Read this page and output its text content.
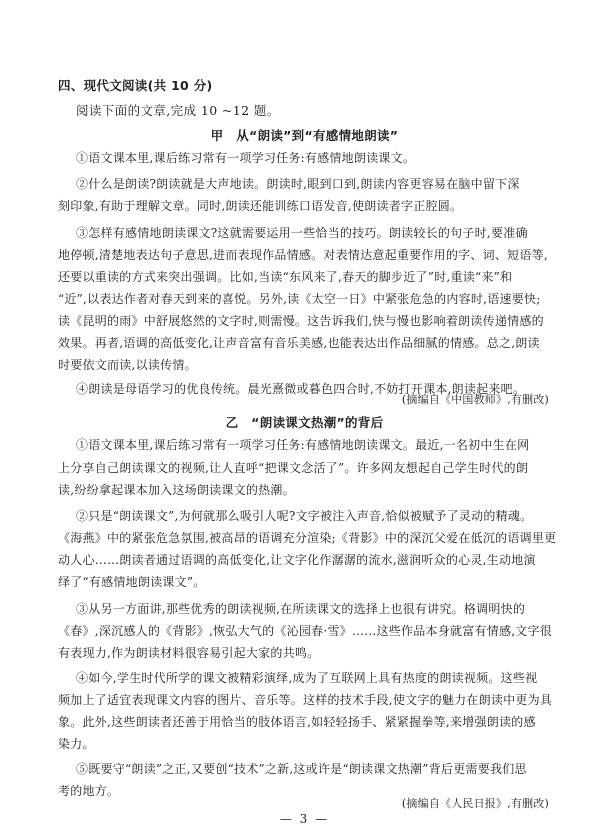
四、现代文阅读(共 10 分)
阅读下面的文章,完成 10 ~12 题。
甲　从“朗读”到“有感情地朗读”
①语文课本里,课后练习常有一项学习任务:有感情地朗读课文。
②什么是朗读?朗读就是大声地读。朗读时,眼到口到,朗读内容更容易在脑中留下深
刻印象,有助于理解文章。同时,朗读还能训练口语发音,使朗读者字正腔圆。
③怎样有感情地朗读课文?这就需要运用一些恰当的技巧。朗读较长的句子时,要准确
地停顿,清楚地表达句子意思,进而表现作品情感。对表情达意起重要作用的字、词、短语等,
还要以重读的方式来突出强调。比如,当读“东风来了,春天的脚步近了”时,重读“来”和
“近”,以表达作者对春天到来的喜悦。另外,读《太空一日》中紧张危急的内容时,语速要快;
读《昆明的雨》中舒展悠然的文字时,则需慢。这告诉我们,快与慢也影响着朗读传递情感的
效果。再者,语调的高低变化,让声音富有音乐美感,也能表达出作品细腻的情感。总之,朗读
时要依文而读,以读传情。
④朗读是母语学习的优良传统。晨光熹微或暮色四合时,不妨打开课本,朗读起来吧。
(摘编自《中国教师》,有删改)
乙　“朗读课文热潮”的背后
①语文课本里,课后练习常有一项学习任务:有感情地朗读课文。最近,一名初中生在网
上分享自己朗读课文的视频,让人直呼“把课文念活了”。许多网友想起自己学生时代的朗
读,纷纷拿起课本加入这场朗读课文的热潮。
②只是“朗读课文”,为何就那么吸引人呢?文字被注入声音,恰似被赋予了灵动的精魂。
《海燕》中的紧张危急氛围,被高昂的语调充分渲染;《背影》中的深沉父爱在低沉的语调里更
动人心……朗读者通过语调的高低变化,让文字化作潺潺的流水,滋润听众的心灵,生动地演
绎了“有感情地朗读课文”。
③从另一方面讲,那些优秀的朗读视频,在所读课文的选择上也很有讲究。格调明快的
《春》,深沉感人的《背影》,恢弘大气的《沁园春·雪》……这些作品本身就富有情感,文字很
有表现力,作为朗读材料很容易引起大家的共鸣。
④如今,学生时代所学的课文被精彩演绎,成为了互联网上具有热度的朗读视频。这些视
频加上了适宜表现课文内容的图片、音乐等。这样的技术手段,使文字的魅力在朗读中更为具
象。此外,这些朗读者还善于用恰当的肢体语言,如轻轻扬手、紧紧握拳等,来增强朗读的感
染力。
⑤既要守“朗读”之正,又要创“技术”之新,这或许是“朗读课文热潮”背后更需要我们思
考的地方。
(摘编自《人民日报》,有删改)
— 3 —
